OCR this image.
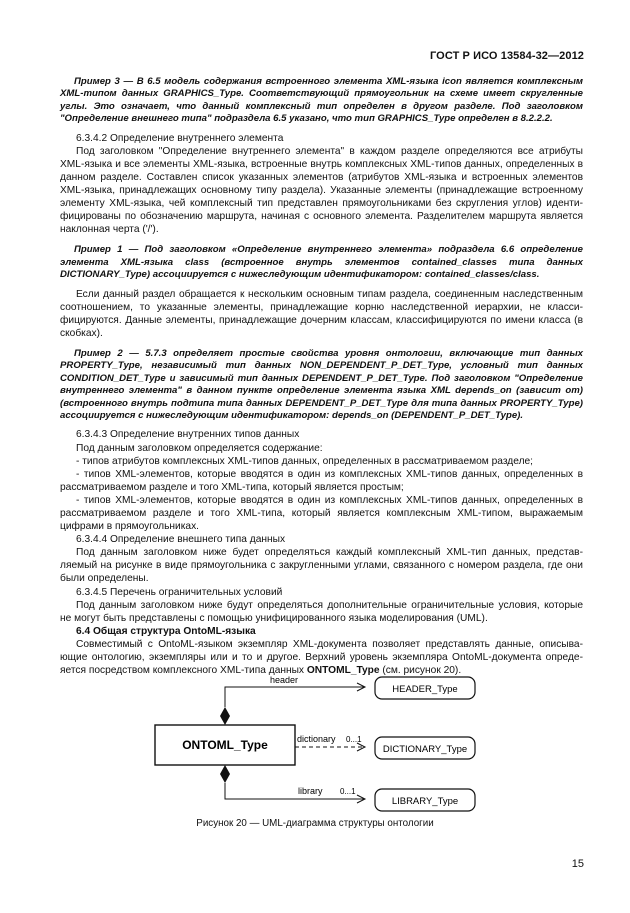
ГОСТ Р ИСО 13584-32—2012

Пример 3 — В 6.5 модель содержания встроенного элемента XML-языка icon является комплексным XML-типом данных GRAPHICS_Type. Соответствующий прямоугольник на схеме имеет скругленные углы. Это означает, что данный комплексный тип определен в другом разделе. Под заголовком "Определение внешнего типа" подраздела 6.5 указано, что тип GRAPHICS_Type определен в 8.2.2.2.

6.3.4.2 Определение внутреннего элемента

Под заголовком "Определение внутреннего элемента" в каждом разделе определяются все атрибуты XML-языка и все элементы XML-языка, встроенные внутрь комплексных XML-типов данных, определенных в данном разделе. Составлен список указанных элементов (атрибутов XML-языка и встроенных элементов XML-языка, принадлежащих основному типу раздела). Указанные элементы (принадлежащие встроенному элементу XML-языка, чей комплексный тип представлен прямоугольниками без скругления углов) идентифицированы по обозначению маршрута, начиная с основного элемента. Разделителем маршрута является наклонная черта ('/').

Пример 1 — Под заголовком «Определение внутреннего элемента» подраздела 6.6 определение элемента XML-языка class (встроенное внутрь элементов contained_classes типа данных DICTIONARY_Type) ассоциируется с нижеследующим идентификатором: contained_classes/class.

Если данный раздел обращается к нескольким основным типам раздела, соединенным наследственным соотношением, то указанные элементы, принадлежащие корню наследственной иерархии, не классифицируются. Данные элементы, принадлежащие дочерним классам, классифицируются по имени класса (в скобках).

Пример 2 — 5.7.3 определяет простые свойства уровня онтологии, включающие тип данных PROPERTY_Type, независимый тип данных NON_DEPENDENT_P_DET_Type, условный тип данных CONDITION_DET_Type и зависимый тип данных DEPENDENT_P_DET_Type. Под заголовком "Определение внутреннего элемента" в данном пункте определение элемента языка XML depends_on (зависит от) (встроенного внутрь подтипа типа данных DEPENDENT_P_DET_Type для типа данных PROPERTY_Type) ассоциируется с нижеследующим идентификатором: depends_on (DEPENDENT_P_DET_Type).

6.3.4.3 Определение внутренних типов данных

Под данным заголовком определяется содержание:

- типов атрибутов комплексных XML-типов данных, определенных в рассматриваемом разделе;

- типов XML-элементов, которые вводятся в один из комплексных XML-типов данных, определенных в рассматриваемом разделе и того XML-типа, который является простым;

- типов XML-элементов, которые вводятся в один из комплексных XML-типов данных, определенных в рассматриваемом разделе и того XML-типа, который является комплексным XML-типом, выражаемым цифрами в прямоугольниках.

6.3.4.4 Определение внешнего типа данных

Под данным заголовком ниже будет определяться каждый комплексный XML-тип данных, представляемый на рисунке в виде прямоугольника с закругленными углами, связанного с номером раздела, где они были определены.

6.3.4.5 Перечень ограничительных условий

Под данным заголовком ниже будут определяться дополнительные ограничительные условия, которые не могут быть представлены с помощью унифицированного языка моделирования (UML).

6.4 Общая структура OntoML-языка

Совместимый с OntoML-языком экземпляр XML-документа позволяет представлять данные, описывающие онтологию, экземпляры или и то и другое. Верхний уровень экземпляра OntoML-документа опредеяется посредством комплексного XML-типа данных ONTOML_Type (см. рисунок 20).

ONTOML_Type
header
dictionary 0...1
library 0...1
HEADER_Type
DICTIONARY_Type
LIBRARY_Type
Рисунок 20 — UML-диаграмма структуры онтологии
15
